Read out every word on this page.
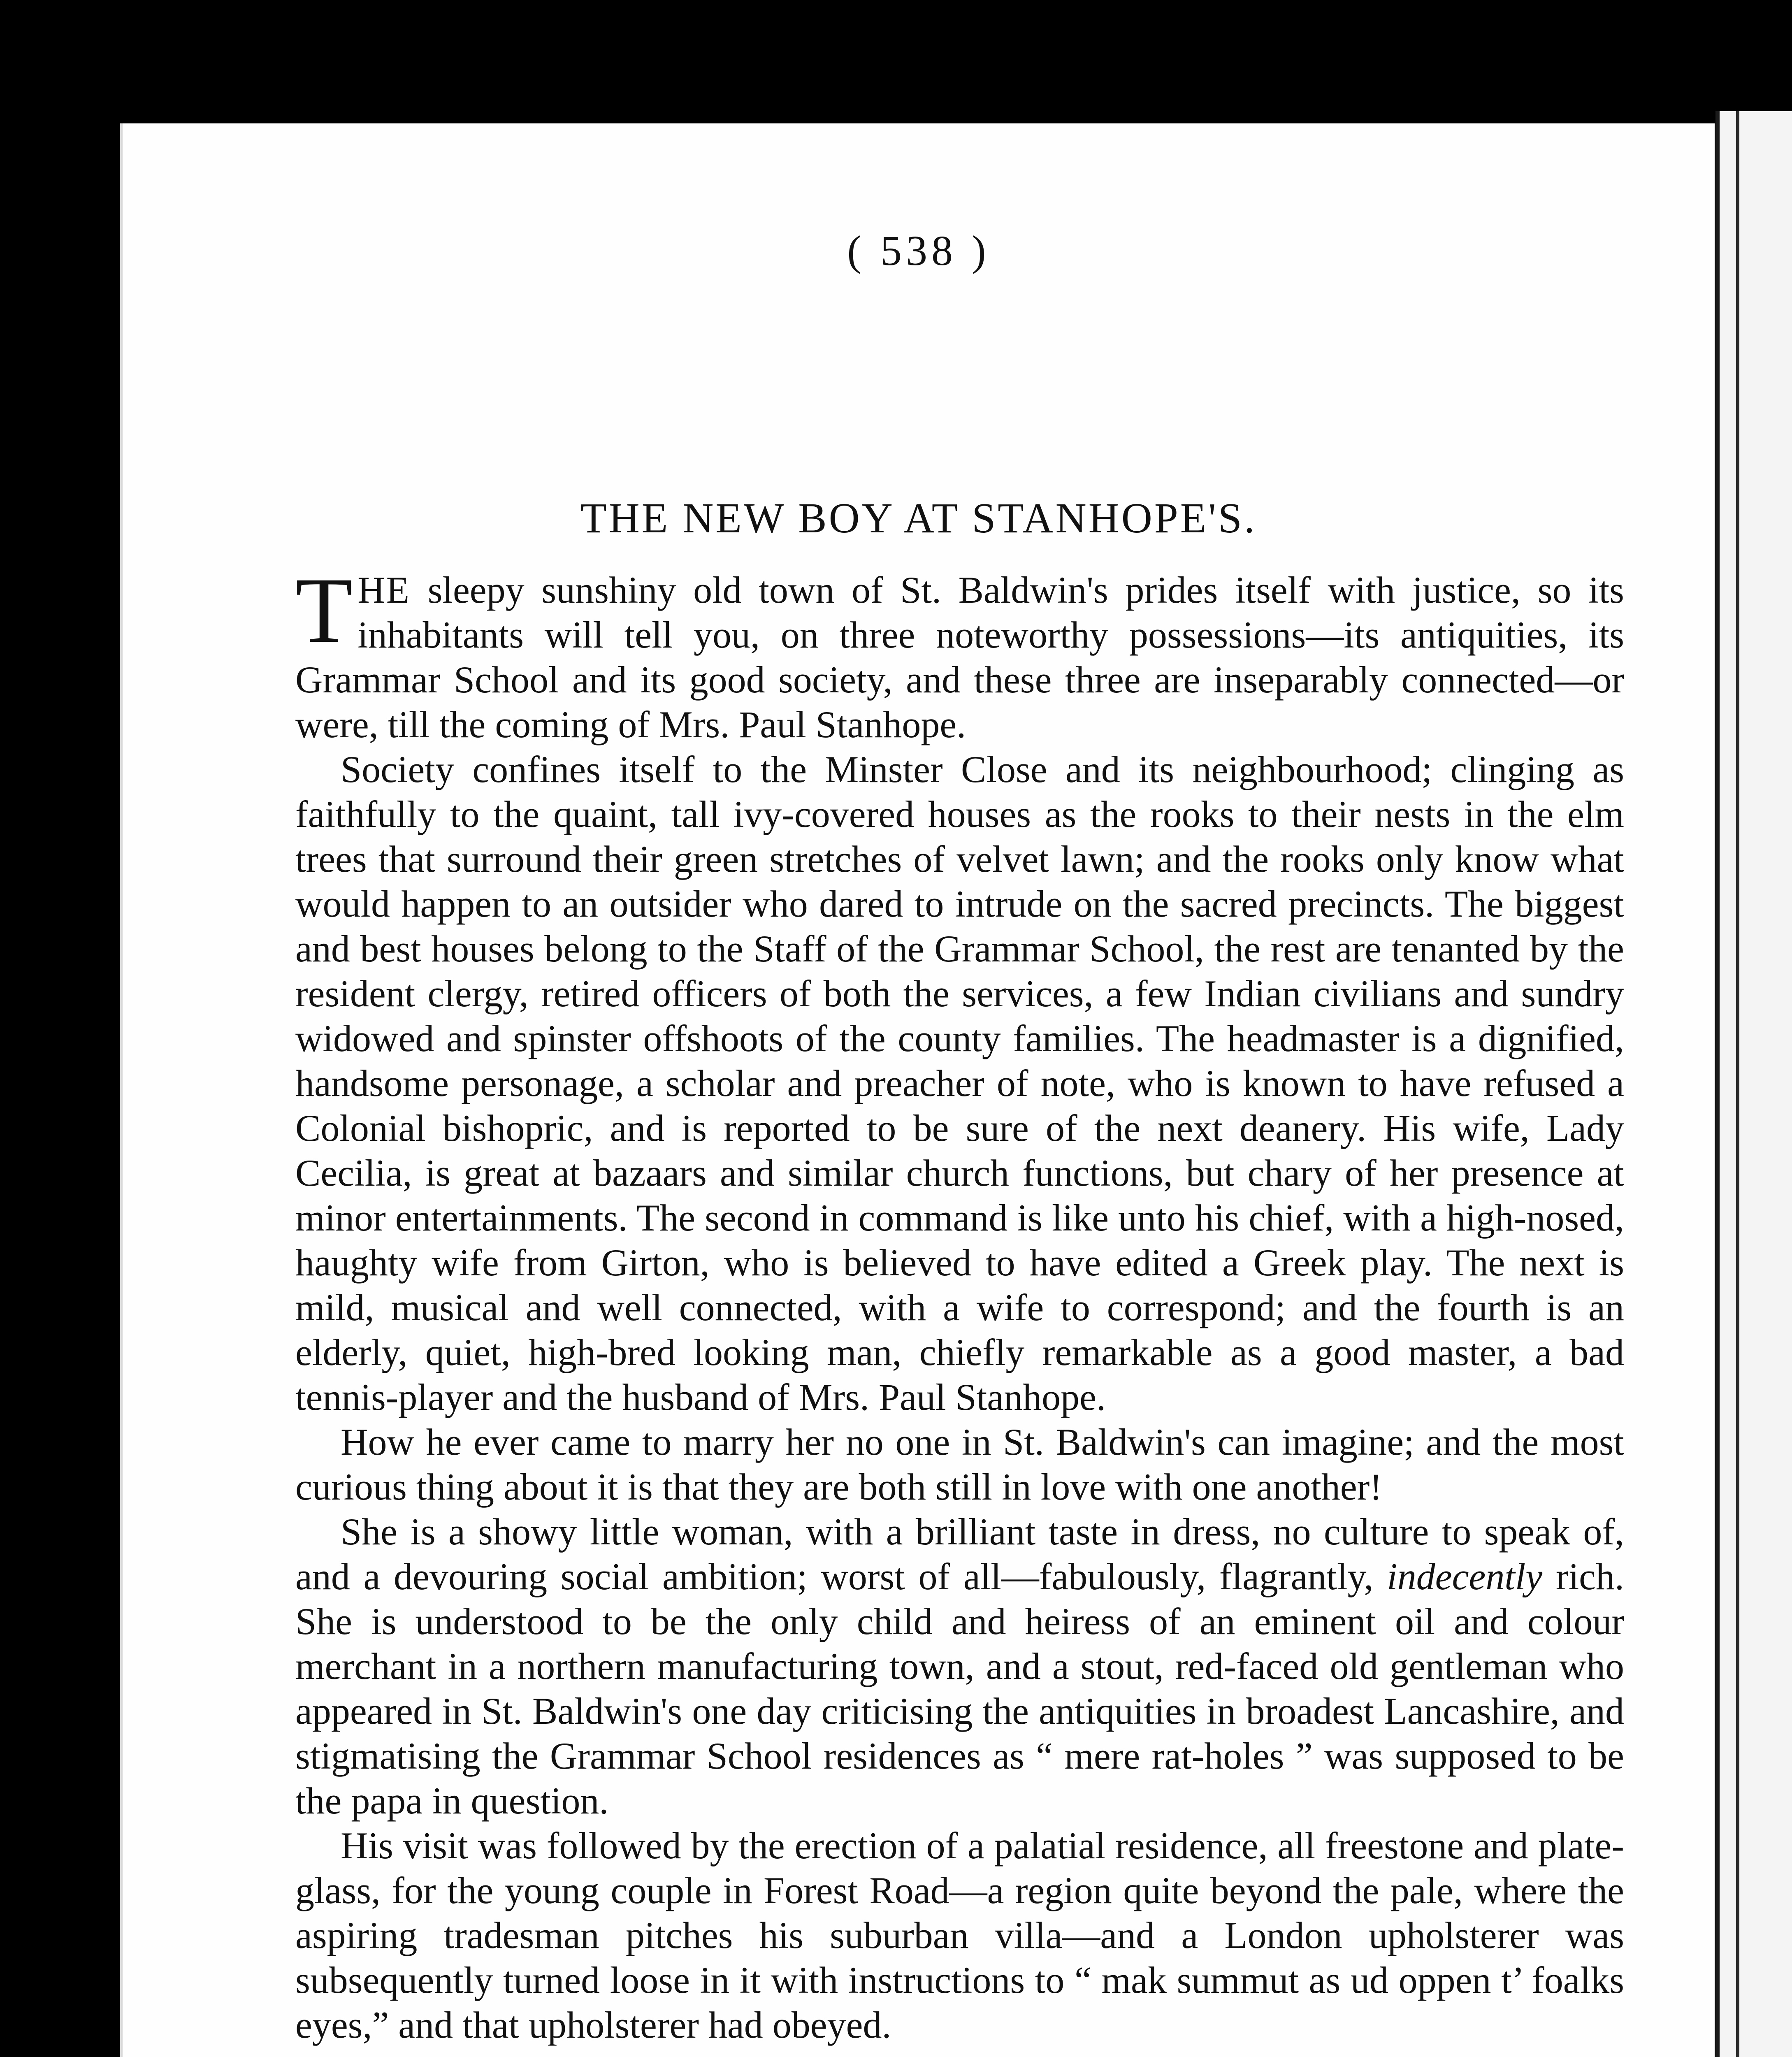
( 538 )
THE NEW BOY AT STANHOPE'S.

THE sleepy sunshiny old town of St. Baldwin's prides itself with justice, so its inhabitants will tell you, on three noteworthy possessions—its antiquities, its Grammar School and its good society, and these three are inseparably connected—or were, till the coming of Mrs. Paul Stanhope.

Society confines itself to the Minster Close and its neighbourhood; clinging as faithfully to the quaint, tall ivy-covered houses as the rooks to their nests in the elm trees that surround their green stretches of velvet lawn; and the rooks only know what would happen to an outsider who dared to intrude on the sacred precincts. The biggest and best houses belong to the Staff of the Grammar School, the rest are tenanted by the resident clergy, retired officers of both the services, a few Indian civilians and sundry widowed and spinster offshoots of the county families. The headmaster is a dignified, handsome personage, a scholar and preacher of note, who is known to have refused a Colonial bishopric, and is reported to be sure of the next deanery. His wife, Lady Cecilia, is great at bazaars and similar church functions, but chary of her presence at minor entertainments. The second in command is like unto his chief, with a high-nosed, haughty wife from Girton, who is believed to have edited a Greek play. The next is mild, musical and well connected, with a wife to correspond; and the fourth is an elderly, quiet, high-bred looking man, chiefly remarkable as a good master, a bad tennis-player and the husband of Mrs. Paul Stanhope.

How he ever came to marry her no one in St. Baldwin's can imagine; and the most curious thing about it is that they are both still in love with one another!

She is a showy little woman, with a brilliant taste in dress, no culture to speak of, and a devouring social ambition; worst of all—fabulously, flagrantly, indecently rich. She is understood to be the only child and heiress of an eminent oil and colour merchant in a northern manufacturing town, and a stout, red-faced old gentleman who appeared in St. Baldwin's one day criticising the antiquities in broadest Lancashire, and stigmatising the Grammar School residences as “ mere rat-holes ” was supposed to be the papa in question.

His visit was followed by the erection of a palatial residence, all freestone and plate-glass, for the young couple in Forest Road—a region quite beyond the pale, where the aspiring tradesman pitches his suburban villa—and a London upholsterer was subsequently turned loose in it with instructions to “ mak summut as ud oppen t’ foalks eyes,” and that upholsterer had obeyed.
